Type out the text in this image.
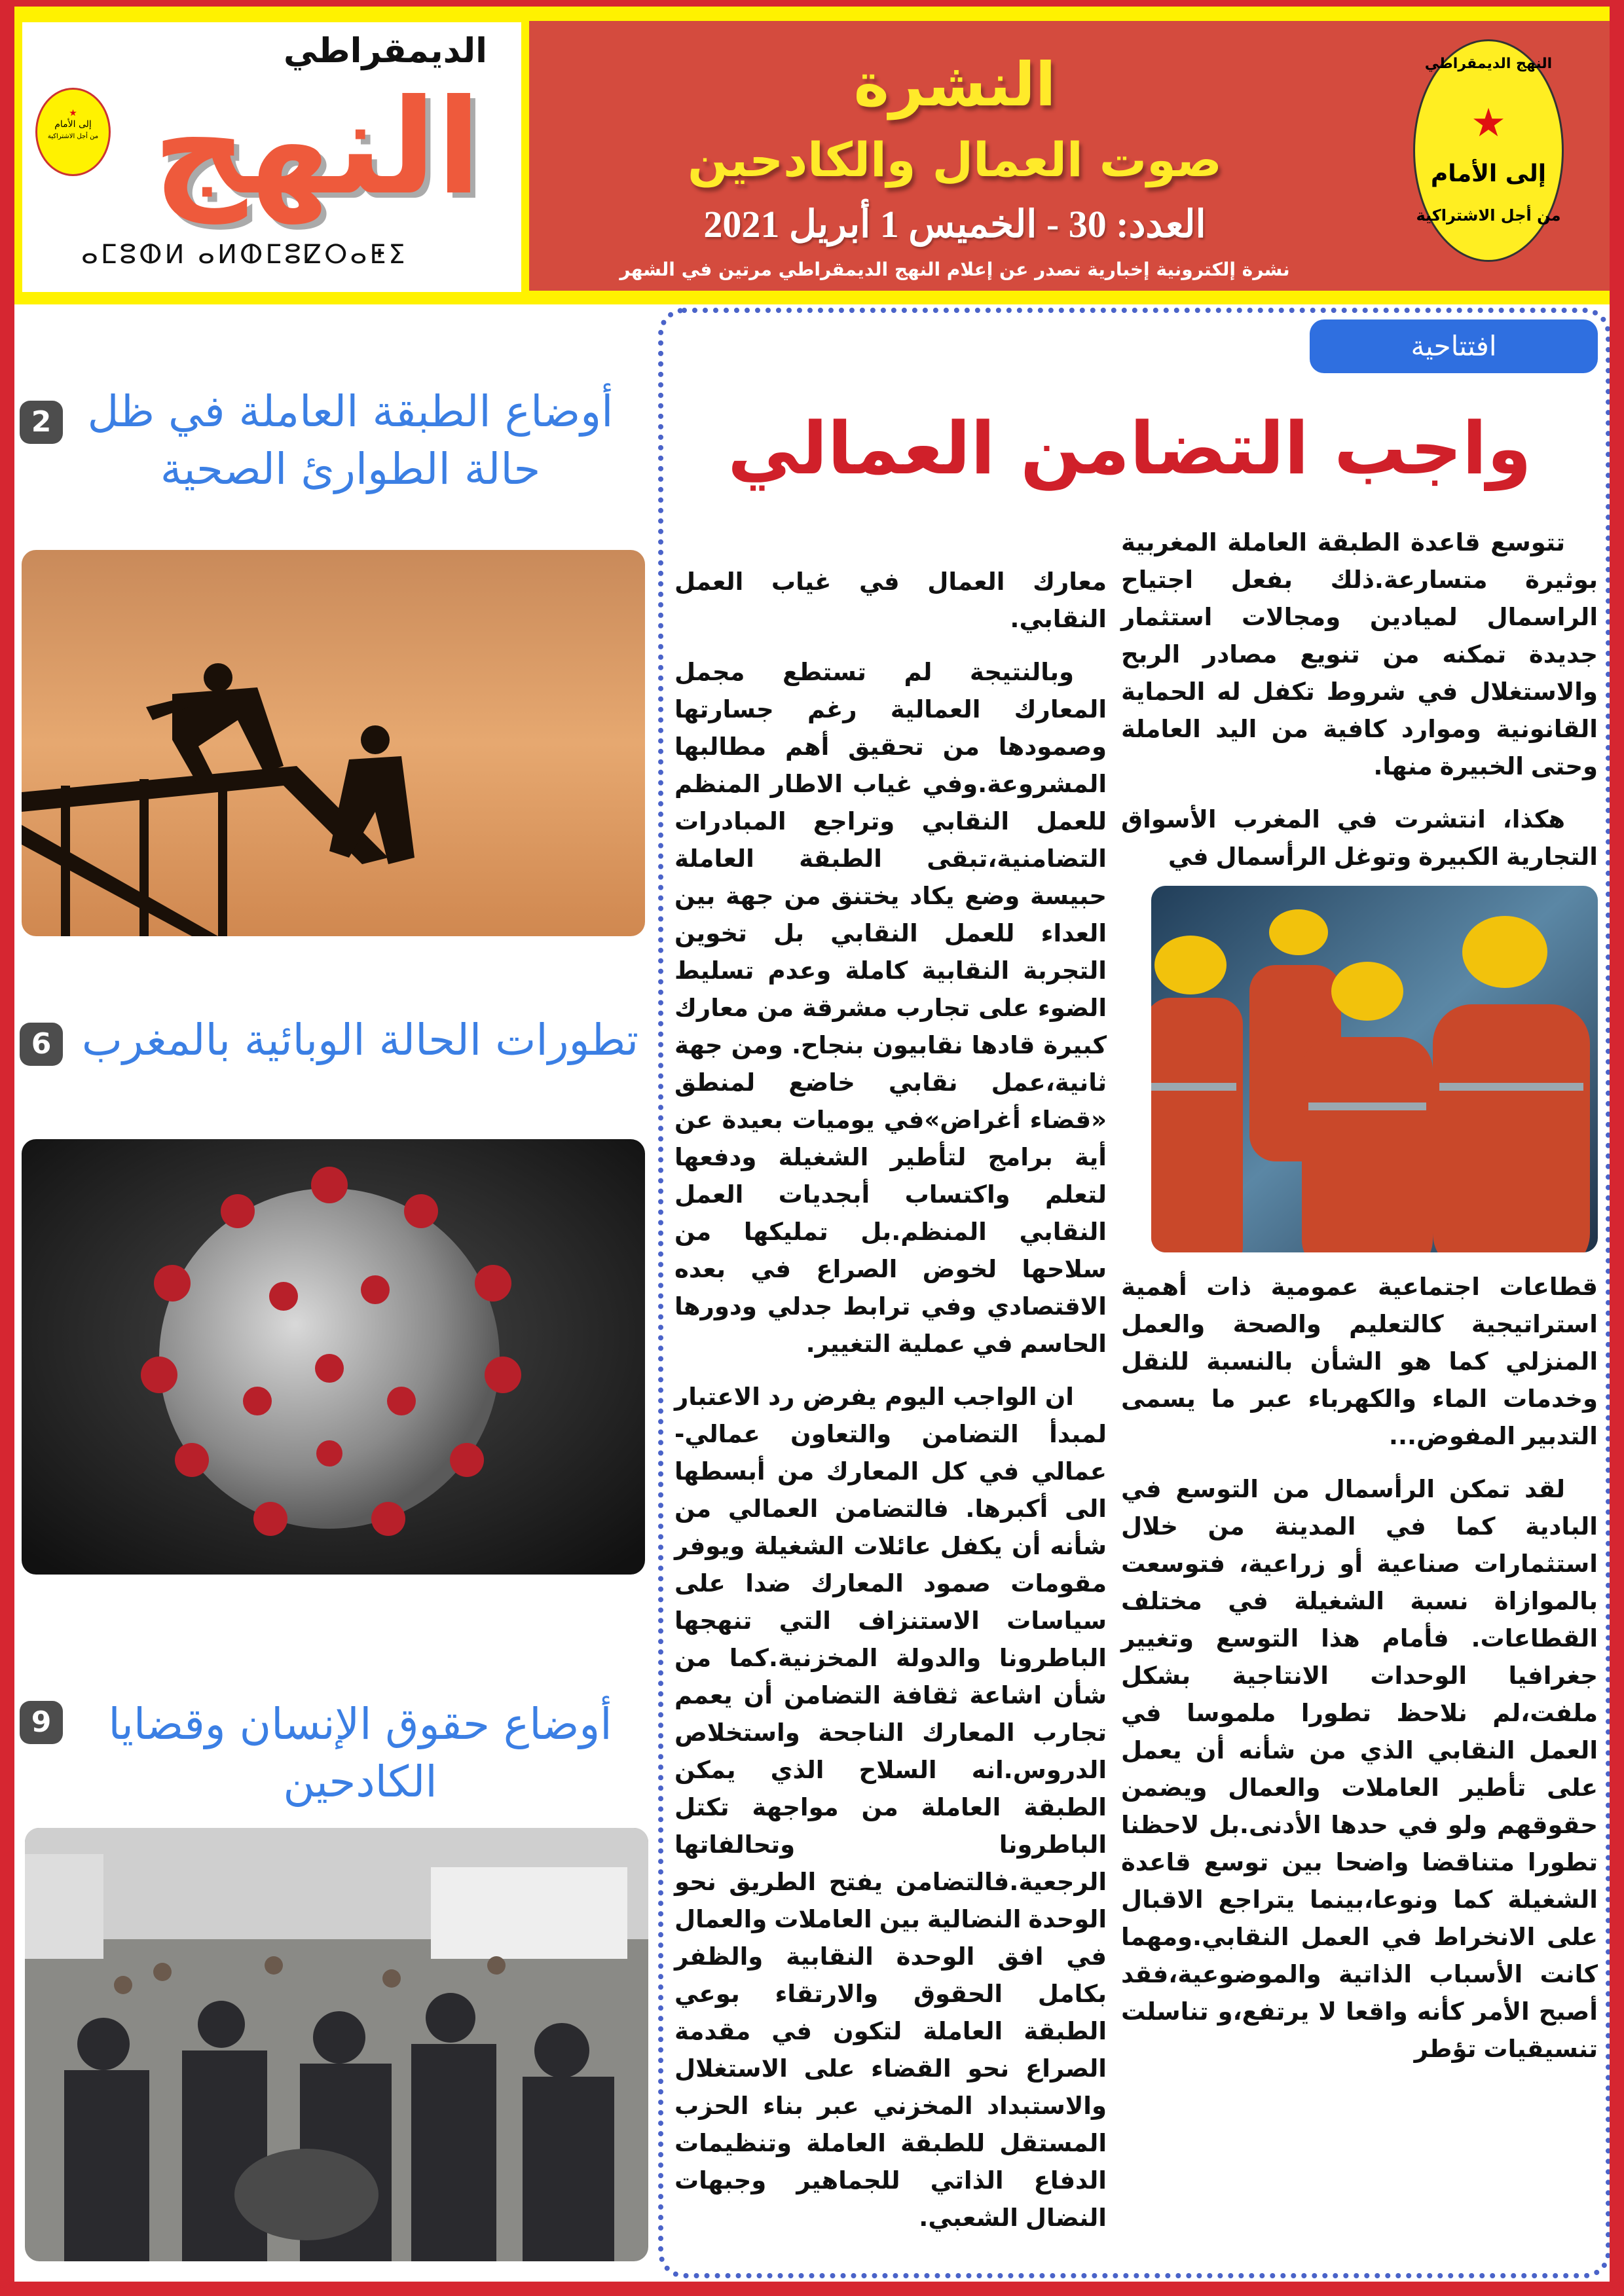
الديمقراطي
النهج
ⴰⵎⵓⵀⵍ ⴰⵍⵀⵎⵓⵇⵔⴰⵟⵉ
★
إلى الأمام
من أجل الاشتراكية
النشرة
صوت العمال والكادحين
العدد: 30 - الخميس 1 أبريل 2021
نشرة إلكترونية إخبارية تصدر عن إعلام النهج الديمقراطي مرتين في الشهر
النهج الديمقراطي
★
إلى الأمام
من أجل الاشتراكية
أوضاع الطبقة العاملة في ظل حالة الطوارئ الصحية
2
تطورات الحالة الوبائية بالمغرب
6
أوضاع حقوق الإنسان وقضايا الكادحين
9
افتتاحية
واجب التضامن العمالي

تتوسع قاعدة الطبقة العاملة المغربية بوثيرة متسارعة.ذلك بفعل اجتياح الراسمال لميادين ومجالات استثمار جديدة تمكنه من تنويع مصادر الربح والاستغلال في شروط تكفل له الحماية القانونية وموارد كافية من اليد العاملة وحتى الخبيرة منها.

هكذا، انتشرت في المغرب الأسواق التجارية الكبيرة وتوغل الرأسمال في

قطاعات اجتماعية عمومية ذات أهمية استراتيجية كالتعليم والصحة والعمل المنزلي كما هو الشأن بالنسبة للنقل وخدمات الماء والكهرباء عبر ما يسمى التدبير المفوض...

لقد تمكن الرأسمال من التوسع في البادية كما في المدينة من خلال استثمارات صناعية أو زراعية، فتوسعت بالموازاة نسبة الشغيلة في مختلف القطاعات. فأمام هذا التوسع وتغيير جغرافيا الوحدات الانتاجية بشكل ملفت،لم نلاحظ تطورا ملموسا في العمل النقابي الذي من شأنه أن يعمل على تأطير العاملات والعمال ويضمن حقوقهم ولو في حدها الأدنى.بل لاحظنا تطورا متناقضا واضحا بين توسع قاعدة الشغيلة كما ونوعا،بينما يتراجع الاقبال على الانخراط في العمل النقابي.ومهما كانت الأسباب الذاتية والموضوعية،فقد أصبح الأمر كأنه واقعا لا يرتفع،و تناسلت تنسيقيات تؤطر

معارك العمال في غياب العمل النقابي.

وبالنتيجة لم تستطع مجمل المعارك العمالية رغم جسارتها وصمودها من تحقيق أهم مطالبها المشروعة.وفي غياب الاطار المنظم للعمل النقابي وتراجع المبادرات التضامنية،تبقى الطبقة العاملة حبيسة وضع يكاد يختنق من جهة بين العداء للعمل النقابي بل تخوين التجربة النقابية كاملة وعدم تسليط الضوء على تجارب مشرقة من معارك كبيرة قادها نقابيون بنجاح. ومن جهة ثانية،عمل نقابي خاضع لمنطق «قضاء أغراض»في يوميات بعيدة عن أية برامج لتأطير الشغيلة ودفعها لتعلم واكتساب أبجديات العمل النقابي المنظم.بل تمليكها من سلاحها لخوض الصراع في بعده الاقتصادي وفي ترابط جدلي ودورها الحاسم في عملية التغيير.

ان الواجب اليوم يفرض رد الاعتبار لمبدأ التضامن والتعاون عمالي- عمالي في كل المعارك من أبسطها الى أكبرها. فالتضامن العمالي من شأنه أن يكفل عائلات الشغيلة ويوفر مقومات صمود المعارك ضدا على سياسات الاستنزاف التي تنهجها الباطرونا والدولة المخزنية.كما من شأن اشاعة ثقافة التضامن أن يعمم تجارب المعارك الناجحة واستخلاص الدروس.انه السلاح الذي يمكن الطبقة العاملة من مواجهة تكتل الباطرونا وتحالفاتها الرجعية.فالتضامن يفتح الطريق نحو الوحدة النضالية بين العاملات والعمال في افق الوحدة النقابية والظفر بكامل الحقوق والارتقاء بوعي الطبقة العاملة لتكون في مقدمة الصراع نحو القضاء على الاستغلال والاستبداد المخزني عبر بناء الحزب المستقل للطبقة العاملة وتنظيمات الدفاع الذاتي للجماهير وجبهات النضال الشعبي.
